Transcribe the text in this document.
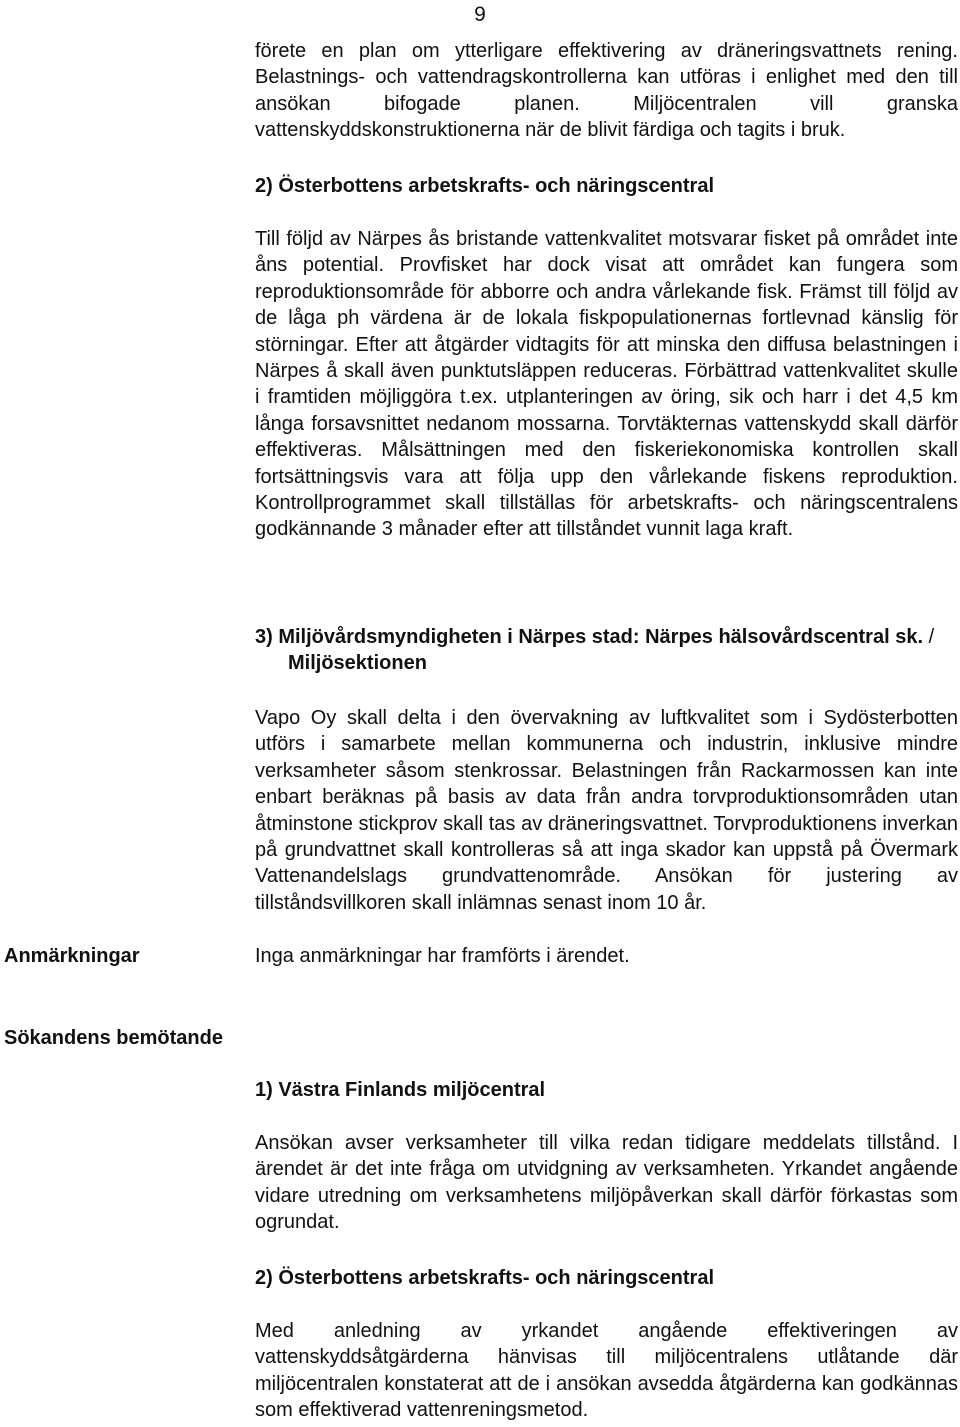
9

förete en plan om ytterligare effektivering av dräneringsvattnets rening. Belastnings- och vattendragskontrollerna kan utföras i enlighet med den till ansökan bifogade planen. Miljöcentralen vill granska vattenskyddskonstruktionerna när de blivit färdiga och tagits i bruk.

2) Österbottens arbetskrafts- och näringscentral

Till följd av Närpes ås bristande vattenkvalitet motsvarar fisket på området inte åns potential. Provfisket har dock visat att området kan fungera som reproduktionsområde för abborre och andra vårlekande fisk. Främst till följd av de låga ph värdena är de lokala fiskpopulationernas fortlevnad känslig för störningar. Efter att åtgärder vidtagits för att minska den diffusa belastningen i Närpes å skall även punktutsläppen reduceras. Förbättrad vattenkvalitet skulle i framtiden möjliggöra t.ex. utplanteringen av öring, sik och harr i det 4,5 km långa forsavsnittet nedanom mossarna. Torvtäkternas vattenskydd skall därför effektiveras. Målsättningen med den fiskeriekonomiska kontrollen skall fortsättningsvis vara att följa upp den vårlekande fiskens reproduktion. Kontrollprogrammet skall tillställas för arbetskrafts- och näringscentralens godkännande 3 månader efter att tillståndet vunnit laga kraft.

3) Miljövårdsmyndigheten i Närpes stad: Närpes hälsovårdscentral sk. / Miljösektionen

Vapo Oy skall delta i den övervakning av luftkvalitet som i Sydösterbotten utförs i samarbete mellan kommunerna och industrin, inklusive mindre verksamheter såsom stenkrossar. Belastningen från Rackarmossen kan inte enbart beräknas på basis av data från andra torvproduktionsområden utan åtminstone stickprov skall tas av dräneringsvattnet. Torvproduktionens inverkan på grundvattnet skall kontrolleras så att inga skador kan uppstå på Övermark Vattenandelslags grundvattenområde. Ansökan för justering av tillståndsvillkoren skall inlämnas senast inom 10 år.

Anmärkningar	Inga anmärkningar har framförts i ärendet.

Sökandens bemötande

1) Västra Finlands miljöcentral

Ansökan avser verksamheter till vilka redan tidigare meddelats tillstånd. I ärendet är det inte fråga om utvidgning av verksamheten. Yrkandet angående vidare utredning om verksamhetens miljöpåverkan skall därför förkastas som ogrundat.

2) Österbottens arbetskrafts- och näringscentral

Med anledning av yrkandet angående effektiveringen av vattenskyddsåtgärderna hänvisas till miljöcentralens utlåtande där miljöcentralen konstaterat att de i ansökan avsedda åtgärderna kan godkännas som effektiverad vattenreningsmetod.
